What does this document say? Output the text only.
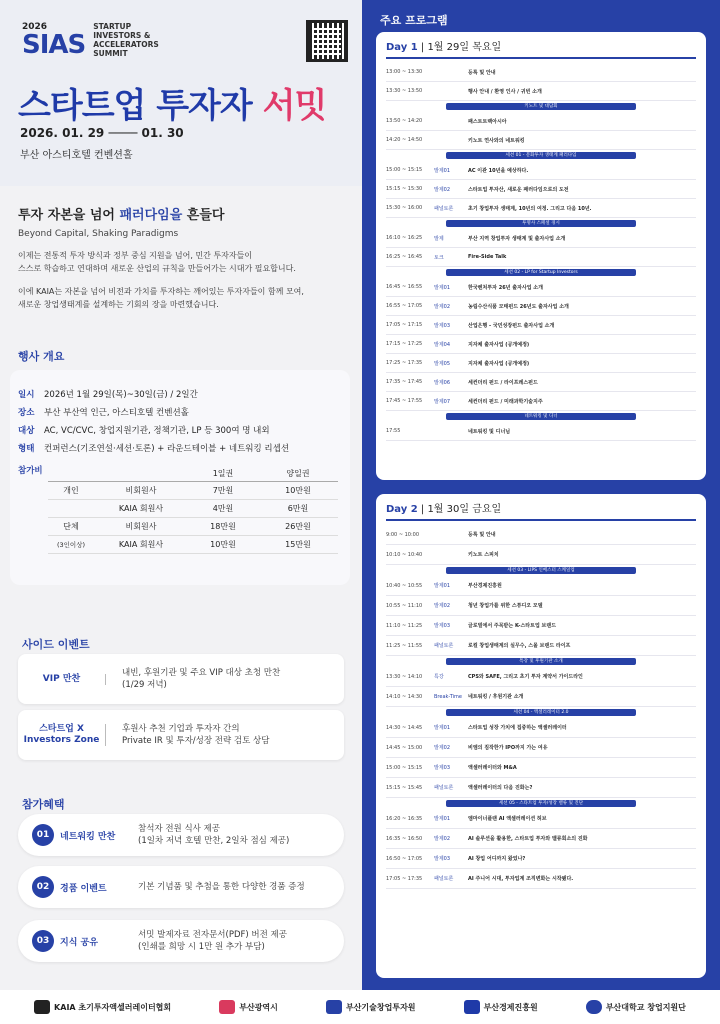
2026
SIAS
STARTUP
INVESTORS &
ACCELERATORS
SUMMIT
스타트업 투자자 서밋
2026. 01. 29 ──── 01. 30
부산 아스티호텔 컨벤션홀
투자 자본을 넘어 패러다임을 흔들다
Beyond Capital, Shaking Paradigms

이제는 전통적 투자 방식과 정부 중심 지원을 넘어, 민간 투자자들이
스스로 학습하고 연대하며 새로운 산업의 규칙을 만들어가는 시대가 필요합니다.

이에 KAIA는 자본을 넘어 비전과 가치를 투자하는 깨어있는 투자자들이 함께 모여,
새로운 창업생태계를 설계하는 기회의 장을 마련했습니다.

행사 개요
일시	2026년 1월 29일(목)~30일(금) / 2일간
장소	부산 부산역 인근, 아스티호텔 컨벤션홀
대상	AC, VC/CVC, 창업지원기관, 정책기관, LP 등 300여 명 내외
형태	컨퍼런스(기조연설·세션·토론) + 라운드테이블 + 네트워킹 리셉션
참가비	1일권	양일권
개인	비회원사	7만원	10만원
KAIA 회원사	4만원	6만원
단체	비회원사	18만원	26만원
(3인이상)	KAIA 회원사	10만원	15만원
사이드 이벤트
VIP 만찬
내빈, 후원기관 및 주요 VIP 대상 초청 만찬
(1/29 저녁)
스타트업 X Investors Zone
후원사 추천 기업과 투자자 간의
Private IR 및 투자/성장 전략 검토 상담
참가혜택
01	네트워킹 만찬
참석자 전원 식사 제공
(1일차 저녁 호텔 만찬, 2일차 점심 제공)
02	경품 이벤트	기본 기념품 및 추첨을 통한 다양한 경품 증정
03	지식 공유
서밋 발제자료 전자문서(PDF) 버전 제공
(인쇄를 희망 시 1만 원 추가 부담)
주요 프로그램
Day 1 | 1월 29일 목요일
13:00 ~ 13:30	등록 및 안내
13:30 ~ 13:50	행사 안내 / 환영 인사 / 귀빈 소개
키노트 및 대담회
13:50 ~ 14:20	패스트트랙아시아
14:20 ~ 14:50	키노트 연사와의 네트워킹
세션 01 - 문화투자 생태계 패러다임
15:00 ~ 15:15	발제01	AC 이관 10년을 예상하다.
15:15 ~ 15:30	발제02	스타트업 투자산, 새로운 패러다임으로의 도전
15:30 ~ 16:00	패널토론	초기 창업투자 생태계, 10년의 여정. 그리고 다음 10년.
투명사 스페셜 경시
16:10 ~ 16:25	발제	부산 지역 창업투자 생태계 및 출자사업 소개
16:25 ~ 16:45	토크	Fire-Side Talk
세션 02 - LP for Startup Investors
16:45 ~ 16:55	발제01	한국벤처투자 26년 출자사업 소개
16:55 ~ 17:05	발제02	농림수산식품 모태펀드 26년도 출자사업 소개
17:05 ~ 17:15	발제03	산업은행 - 국민성장펀드 출자사업 소개
17:15 ~ 17:25	발제04	지자체 출자사업 (공개예정)
17:25 ~ 17:35	발제05	지자체 출자사업 (공개예정)
17:35 ~ 17:45	발제06	세컨더리 펀드 / 라이프레스펀드
17:45 ~ 17:55	발제07	세컨더리 펀드 / 미래과학기술지주
네트워킹 및 디너
17:55	네트워킹 및 디너님
Day 2 | 1월 30일 금요일
9:00 ~ 10:00	등록 및 안내
10:10 ~ 10:40	키노트 스피치
세션 03 - LIPS 인베스터 스케일업
10:40 ~ 10:55	발제01	부산경제진흥원
10:55 ~ 11:10	발제02	청년 창업가를 위한 스튜디오 모델
11:10 ~ 11:25	발제03	글로벌에서 주목받는 K-스타트업 브랜드
11:25 ~ 11:55	패널토론	로컬 창업생태계의 실무수, 스몰 브랜드 라이프
특강 및 후원기관 소개
13:30 ~ 14:10	특강	CPS와 SAFE, 그리고 초기 투자 계약서 가이드라인
14:10 ~ 14:30	Break-Time	네트워킹 / 후원기관 소개
세션 04 - 액셀러레이터 2.0
14:30 ~ 14:45	발제01	스타트업 성장 가치에 집중하는 액셀러레이터
14:45 ~ 15:00	발제02	비엠의 짐작한가 IPO까지 가는 여유
15:00 ~ 15:15	발제03	액셀러레이터와 M&A
15:15 ~ 15:45	패널토론	액셀러레이터의 다음 진화는?
세션 05 - 스타트업 투자/성장 밸류 및 진단
16:20 ~ 16:35	발제01	엠마이너플랜 AI 액셀러레이션 허브
16:35 ~ 16:50	발제02	AI 솔루션을 활용한, 스타트업 투자와 밸류회소의 진화
16:50 ~ 17:05	발제03	AI 창업 어디까지 왔었나?
17:05 ~ 17:35	패널토론	AI 주니어 시대, 투자업계 조직변화는 시작됐다.
KAIA 초기투자액셀러레이터협회	부산광역시	부산기술창업투자원	부산경제진흥원	부산대학교 창업지원단
